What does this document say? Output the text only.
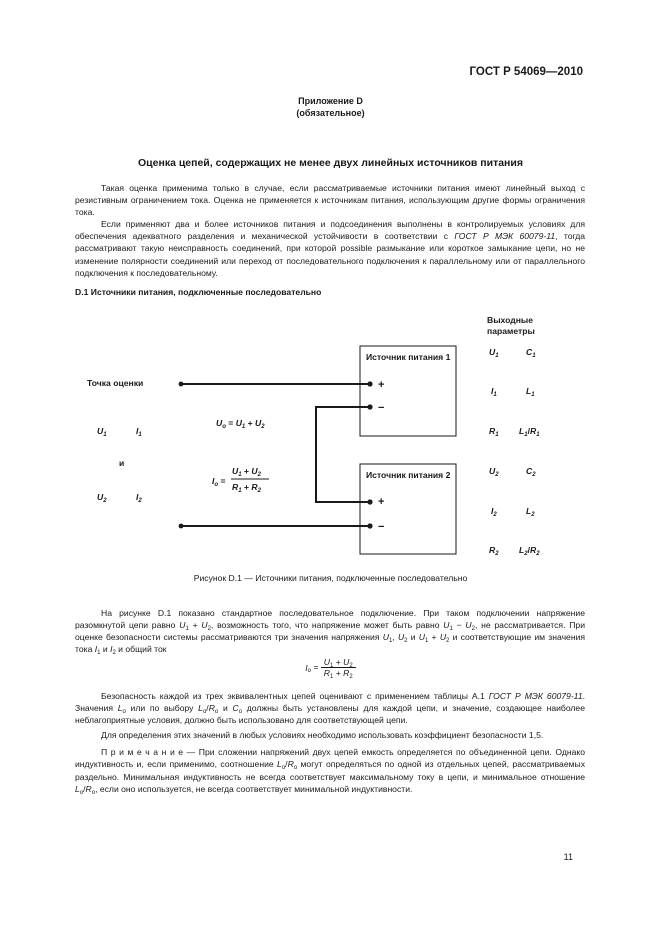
ГОСТ Р 54069—2010
Приложение D
(обязательное)
Оценка цепей, содержащих не менее двух линейных источников питания

Такая оценка применима только в случае, если рассматриваемые источники питания имеют линейный выход с резистивным ограничением тока. Оценка не применяется к источникам питания, использующим другие формы ограничения тока.

Если применяют два и более источников питания и подсоединения выполнены в контролируемых условиях для обеспечения адекватного разделения и механической устойчивости в соответствии с ГОСТ Р МЭК 60079-11, тогда рассматривают такую неисправность соединений, при которой possible размыкание или короткое замыкание цепи, но не изменение полярности соединений или переход от последовательного подключения к параллельному или от параллельного подключения к последовательному.

D.1 Источники питания, подключенные последовательно
Выходные
параметры
Источник питания 1
Источник питания 2
+
−
+
−
Точка оценки
$U_1$	$I_1$
и
$U_2$	$I_2$
$U_o = U_1 + U_2$
$I_o$ =
$U_1 + U_2$
$R_1 + R_2$
$U_1$	$C_1$
$I_1$	$L_1$
$R_1$ $L_1/R_1$
$U_2$	$C_2$
$I_2$	$L_2$
$R_2$ $L_2/R_2$
Рисунок D.1 — Источники питания, подключенные последовательно

На рисунке D.1 показано стандартное последовательное подключение. При таком подключении напряжение разомкнутой цепи равно $U_1 + U_2$, возможность того, что напряжение может быть равно $U_1 - U_2$, не рассматривается. При оценке безопасности системы рассматриваются три значения напряжения $U_1$, $U_2$ и $U_1 + U_2$ и соответствующие им значения тока $I_1$ и $I_2$ и общий ток

$I_o = \frac{U_1 + U_2}{R_1 + R_2}$

Безопасность каждой из трех эквивалентных цепей оценивают с применением таблицы А.1 ГОСТ Р МЭК 60079-11. Значения $L_o$ или по выбору $L_o/R_o$ и $C_o$ должны быть установлены для каждой цепи, и значение, создающее наиболее неблагоприятные условия, должно быть использовано для соответствующей цепи.

Для определения этих значений в любых условиях необходимо использовать коэффициент безопасности 1,5.

П р и м е ч а н и е — При сложении напряжений двух цепей емкость определяется по объединенной цепи. Однако индуктивность и, если применимо, соотношение $L_o/R_o$ могут определяться по одной из отдельных цепей, рассматриваемых раздельно. Минимальная индуктивность не всегда соответствует максимальному току в цепи, и минимальное отношение $L_o/R_o$, если оно используется, не всегда соответствует минимальной индуктивности.

11
